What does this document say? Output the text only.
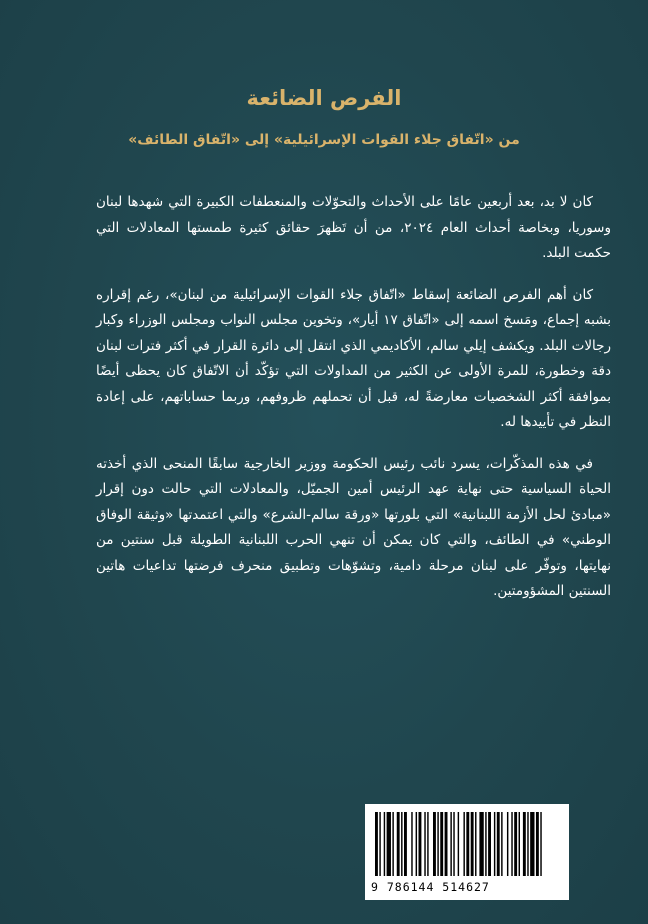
الفرص الضائعة
من «اتّفاق جلاء القوات الإسرائيلية» إلى «اتّفاق الطائف»

كان لا بد، بعد أربعين عامًا على الأحداث والتحوّلات والمنعطفات الكبيرة التي شهدها لبنان وسوريا، وبخاصة أحداث العام ٢٠٢٤، من أن تَظهرَ حقائق كثيرة طمستها المعادلات التي حكمت البلد.

كان أهم الفرص الضائعة إسقاط «اتّفاق جلاء القوات الإسرائيلية من لبنان»، رغم إقراره بشبه إجماع، ومَسخ اسمه إلى «اتّفاق ١٧ أيار»، وتخوين مجلس النواب ومجلس الوزراء وكبار رجالات البلد. ويكشف إيلي سالم، الأكاديمي الذي انتقل إلى دائرة القرار في أكثر فترات لبنان دقة وخطورة، للمرة الأولى عن الكثير من المداولات التي تؤكّد أن الاتّفاق كان يحظى أيضًا بموافقة أكثر الشخصيات معارضةً له، قبل أن تحملهم ظروفهم، وربما حساباتهم، على إعادة النظر في تأييدها له.

في هذه المذكّرات، يسرد نائب رئيس الحكومة ووزير الخارجية سابقًا المنحى الذي أخذته الحياة السياسية حتى نهاية عهد الرئيس أمين الجميّل، والمعادلات التي حالت دون إقرار «مبادئ لحل الأزمة اللبنانية» التي بلورتها «ورقة سالم-الشرع» والتي اعتمدتها «وثيقة الوفاق الوطني» في الطائف، والتي كان يمكن أن تنهي الحرب اللبنانية الطويلة قبل سنتين من نهايتها، وتوفّر على لبنان مرحلة دامية، وتشوّهات وتطبيق منحرف فرضتها تداعيات هاتين السنتين المشؤومتين.

9 786144 514627
